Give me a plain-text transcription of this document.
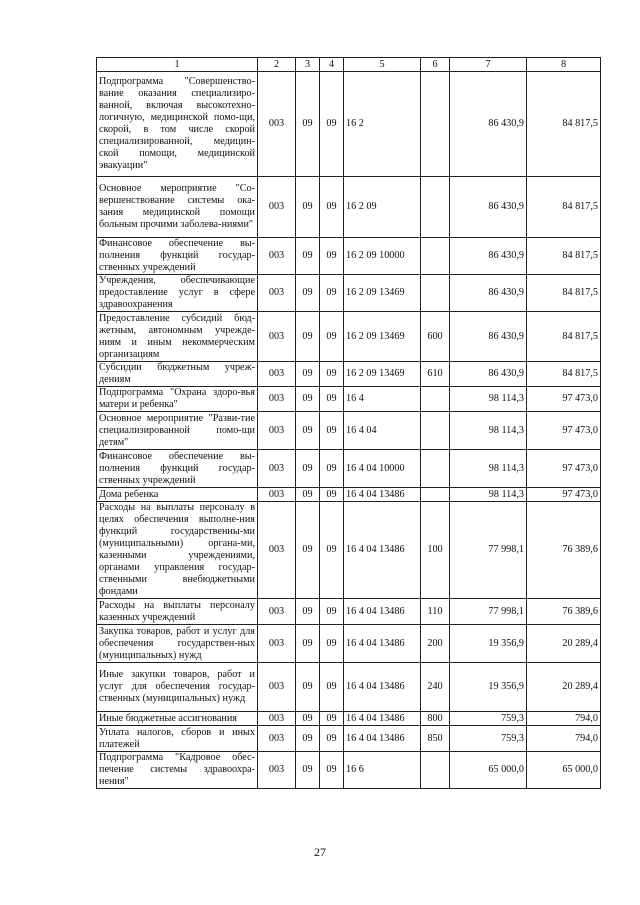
1	2	3	4	5	6	7	8
Подпрограмма "Совершенство-вание оказания специализиро-ванной, включая высокотехно-логичную, медицинской помо-щи, скорой, в том числе скорой специализированной, медицин-ской помощи, медицинской эвакуации"	003	09	09	16 2		86 430,9	84 817,5
Основное мероприятие "Со-вершенствование системы ока-зания медицинской помощи больным прочими заболева-ниями"	003	09	09	16 2 09		86 430,9	84 817,5
Финансовое обеспечение вы-полнения функций государ-ственных учреждений	003	09	09	16 2 09 10000		86 430,9	84 817,5
Учреждения, обеспечивающие предоставление услуг в сфере здравоохранения	003	09	09	16 2 09 13469		86 430,9	84 817,5
Предоставление субсидий бюд-жетным, автономным учрежде-ниям и иным некоммерческим организациям	003	09	09	16 2 09 13469	600	86 430,9	84 817,5
Субсидии бюджетным учреж-дениям	003	09	09	16 2 09 13469	610	86 430,9	84 817,5
Подпрограмма "Охрана здоро-вья матери и ребенка"	003	09	09	16 4		98 114,3	97 473,0
Основное мероприятие "Разви-тие специализированной помо-щи детям"	003	09	09	16 4 04		98 114,3	97 473,0
Финансовое обеспечение вы-полнения функций государ-ственных учреждений	003	09	09	16 4 04 10000		98 114,3	97 473,0
Дома ребенка	003	09	09	16 4 04 13486		98 114,3	97 473,0
Расходы на выплаты персоналу в целях обеспечения выполне-ния функций государственны-ми (муниципальными) органа-ми, казенными учреждениями, органами управления государ-ственными внебюджетными фондами	003	09	09	16 4 04 13486	100	77 998,1	76 389,6
Расходы на выплаты персоналу казенных учреждений	003	09	09	16 4 04 13486	110	77 998,1	76 389,6
Закупка товаров, работ и услуг для обеспечения государствен-ных (муниципальных) нужд	003	09	09	16 4 04 13486	200	19 356,9	20 289,4
Иные закупки товаров, работ и услуг для обеспечения государ-ственных (муниципальных) нужд	003	09	09	16 4 04 13486	240	19 356,9	20 289,4
Иные бюджетные ассигнования	003	09	09	16 4 04 13486	800	759,3	794,0
Уплата налогов, сборов и иных платежей	003	09	09	16 4 04 13486	850	759,3	794,0
Подпрограмма "Кадровое обес-печение системы здравоохра-нения"	003	09	09	16 6		65 000,0	65 000,0
27
